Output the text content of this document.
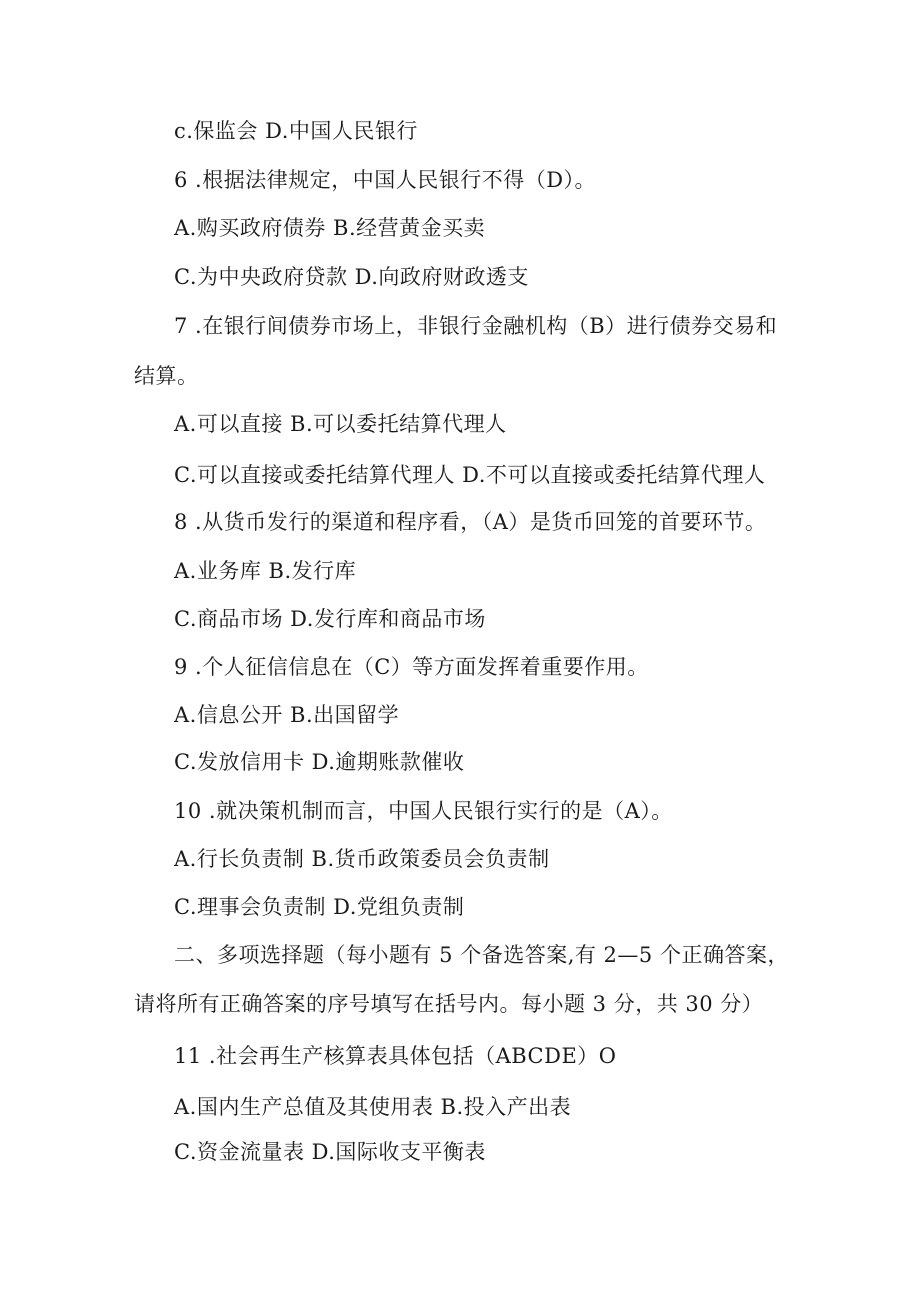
c.保监会 D.中国人民银行
6 .根据法律规定，中国人民银行不得（D）。
A.购买政府债券 B.经营黄金买卖
C.为中央政府贷款 D.向政府财政透支
7 .在银行间债券市场上，非银行金融机构（B）进行债券交易和
结算。
A.可以直接 B.可以委托结算代理人
C.可以直接或委托结算代理人 D.不可以直接或委托结算代理人
8 .从货币发行的渠道和程序看，（A）是货币回笼的首要环节。
A.业务库 B.发行库
C.商品市场 D.发行库和商品市场
9 .个人征信信息在（C）等方面发挥着重要作用。
A.信息公开 B.出国留学
C.发放信用卡 D.逾期账款催收
10 .就决策机制而言，中国人民银行实行的是（A）。
A.行长负责制 B.货币政策委员会负责制
C.理事会负责制 D.党组负责制
二、多项选择题（每小题有 5 个备选答案,有 2—5 个正确答案，
请将所有正确答案的序号填写在括号内。每小题 3 分，共 30 分）
11 .社会再生产核算表具体包括（ABCDE）O
A.国内生产总值及其使用表 B.投入产出表
C.资金流量表 D.国际收支平衡表
